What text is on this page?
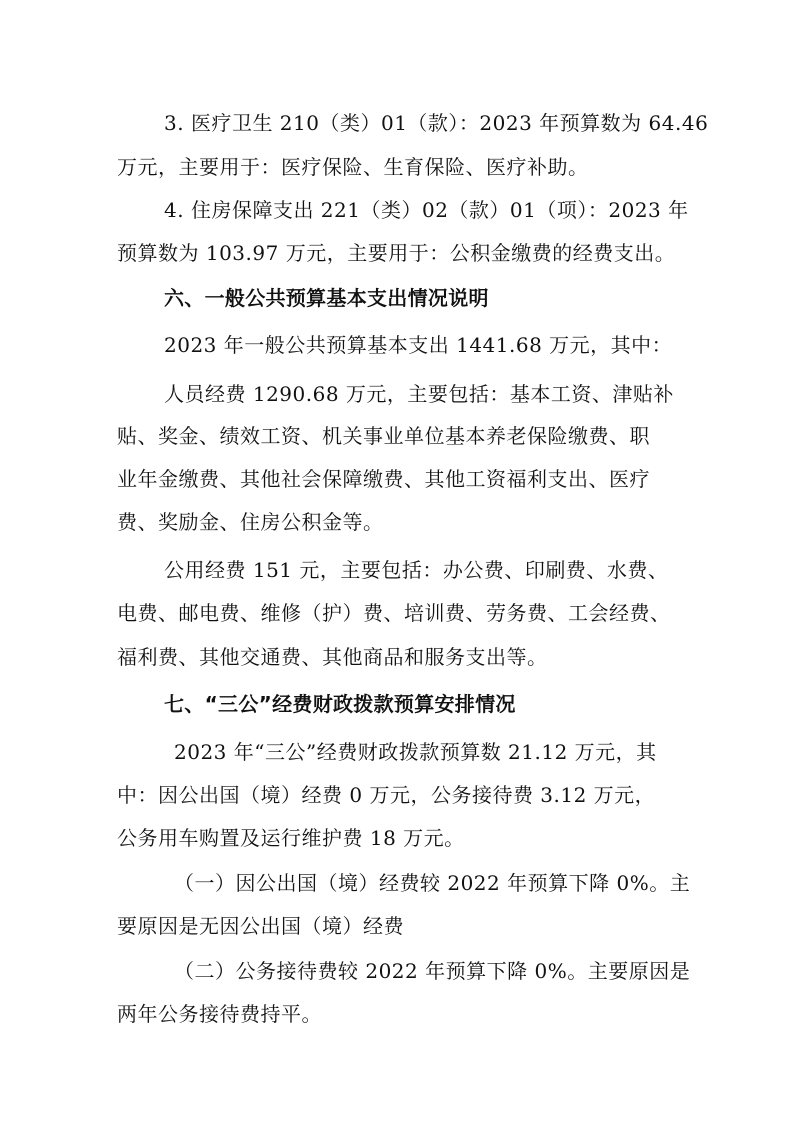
3. 医疗卫生 210（类）01（款）：2023 年预算数为 64.46
万元，主要用于：医疗保险、生育保险、医疗补助。
4. 住房保障支出 221（类）02（款）01（项）：2023 年
预算数为 103.97 万元，主要用于：公积金缴费的经费支出。
六、一般公共预算基本支出情况说明
2023 年一般公共预算基本支出 1441.68 万元，其中：
人员经费 1290.68 万元，主要包括：基本工资、津贴补
贴、奖金、绩效工资、机关事业单位基本养老保险缴费、职
业年金缴费、其他社会保障缴费、其他工资福利支出、医疗
费、奖励金、住房公积金等。
公用经费 151 元，主要包括：办公费、印刷费、水费、
电费、邮电费、维修（护）费、培训费、劳务费、工会经费、
福利费、其他交通费、其他商品和服务支出等。
七、“三公”经费财政拨款预算安排情况
2023 年“三公”经费财政拨款预算数 21.12 万元，其
中：因公出国（境）经费 0 万元，公务接待费 3.12 万元，
公务用车购置及运行维护费 18 万元。
（一）因公出国（境）经费较 2022 年预算下降 0%。主
要原因是无因公出国（境）经费
（二）公务接待费较 2022 年预算下降 0%。主要原因是
两年公务接待费持平。
